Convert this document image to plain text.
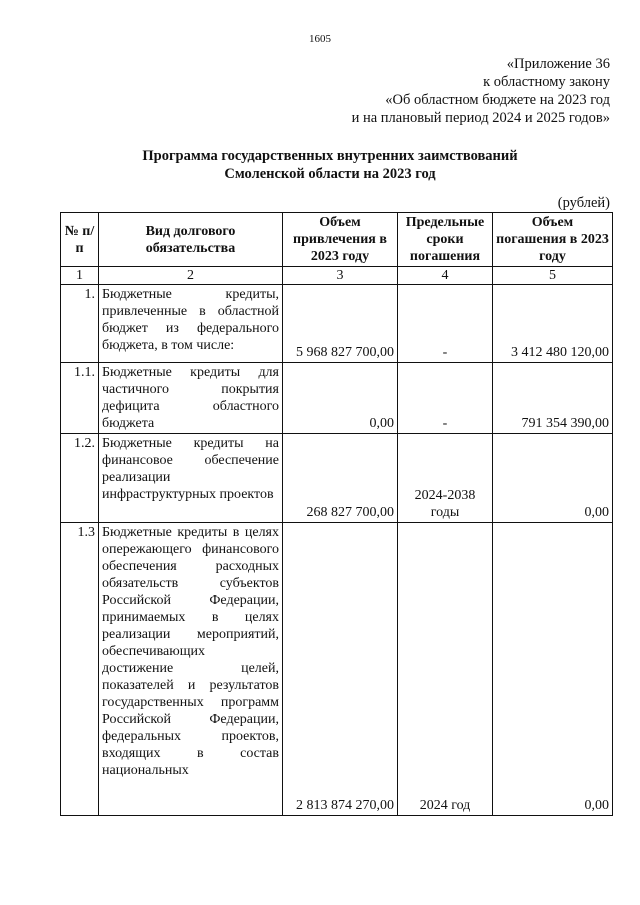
1605
«Приложение 36
к областному закону
«Об областном бюджете на 2023 год
и на плановый период 2024 и 2025 годов»
Программа государственных внутренних заимствований
Смоленской области на 2023 год
(рублей)
№ п/п	Вид долгового обязательства	Объем привлечения в 2023 году	Предельные сроки погашения	Объем погашения в 2023 году
1	2	3	4	5
1.	Бюджетные кредиты, привлеченные в областной бюджет из федерального бюджета, в том числе:	5 968 827 700,00	-	3 412 480 120,00
1.1.	Бюджетные кредиты для частичного покрытия дефицита областного бюджета	0,00	-	791 354 390,00
1.2.	Бюджетные кредиты на финансовое обеспечение реализации инфраструктурных проектов	268 827 700,00	2024-2038 годы	0,00
1.3	Бюджетные кредиты в целях опережающего финансового обеспечения расходных обязательств субъектов Российской Федерации, принимаемых в целях реализации мероприятий, обеспечивающих достижение целей, показателей и результатов государственных программ Российской Федерации, федеральных проектов, входящих в состав национальных	2 813 874 270,00	2024 год	0,00
